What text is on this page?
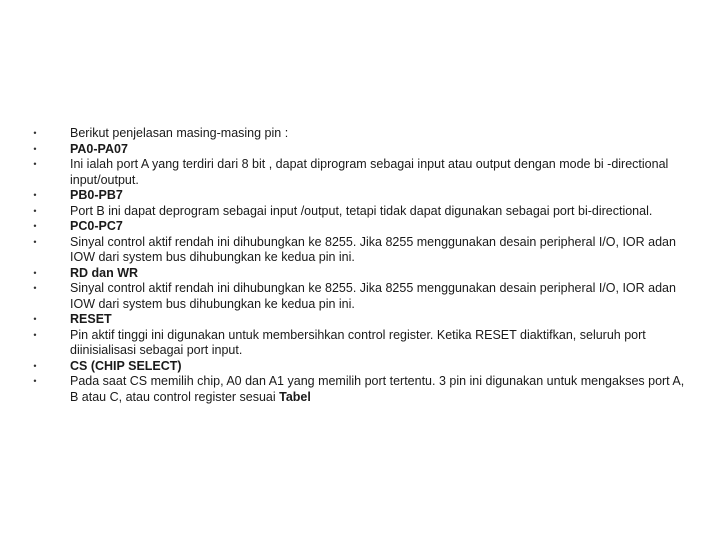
•	Berikut penjelasan masing-masing pin :
•	PA0-PA07
•	Ini ialah port A yang terdiri dari 8 bit , dapat diprogram sebagai input atau output dengan mode bi -directional input/output.
•	PB0-PB7
•	Port B ini dapat deprogram sebagai input /output, tetapi tidak dapat digunakan sebagai port bi-directional.
•	PC0-PC7
•	Sinyal control aktif rendah ini dihubungkan ke 8255. Jika 8255 menggunakan desain peripheral I/O, IOR adan IOW dari system bus dihubungkan ke kedua pin ini.
•	RD dan WR
•	Sinyal control aktif rendah ini dihubungkan ke 8255. Jika 8255 menggunakan desain peripheral I/O, IOR adan IOW dari system bus dihubungkan ke kedua pin ini.
•	RESET
•	Pin aktif tinggi ini digunakan untuk membersihkan control register. Ketika RESET diaktifkan, seluruh port diinisialisasi sebagai port input.
•	CS (CHIP SELECT)
•	Pada saat CS memilih chip, A0 dan A1 yang memilih port tertentu. 3 pin ini digunakan untuk mengakses port A, B atau C, atau control register sesuai Tabel
